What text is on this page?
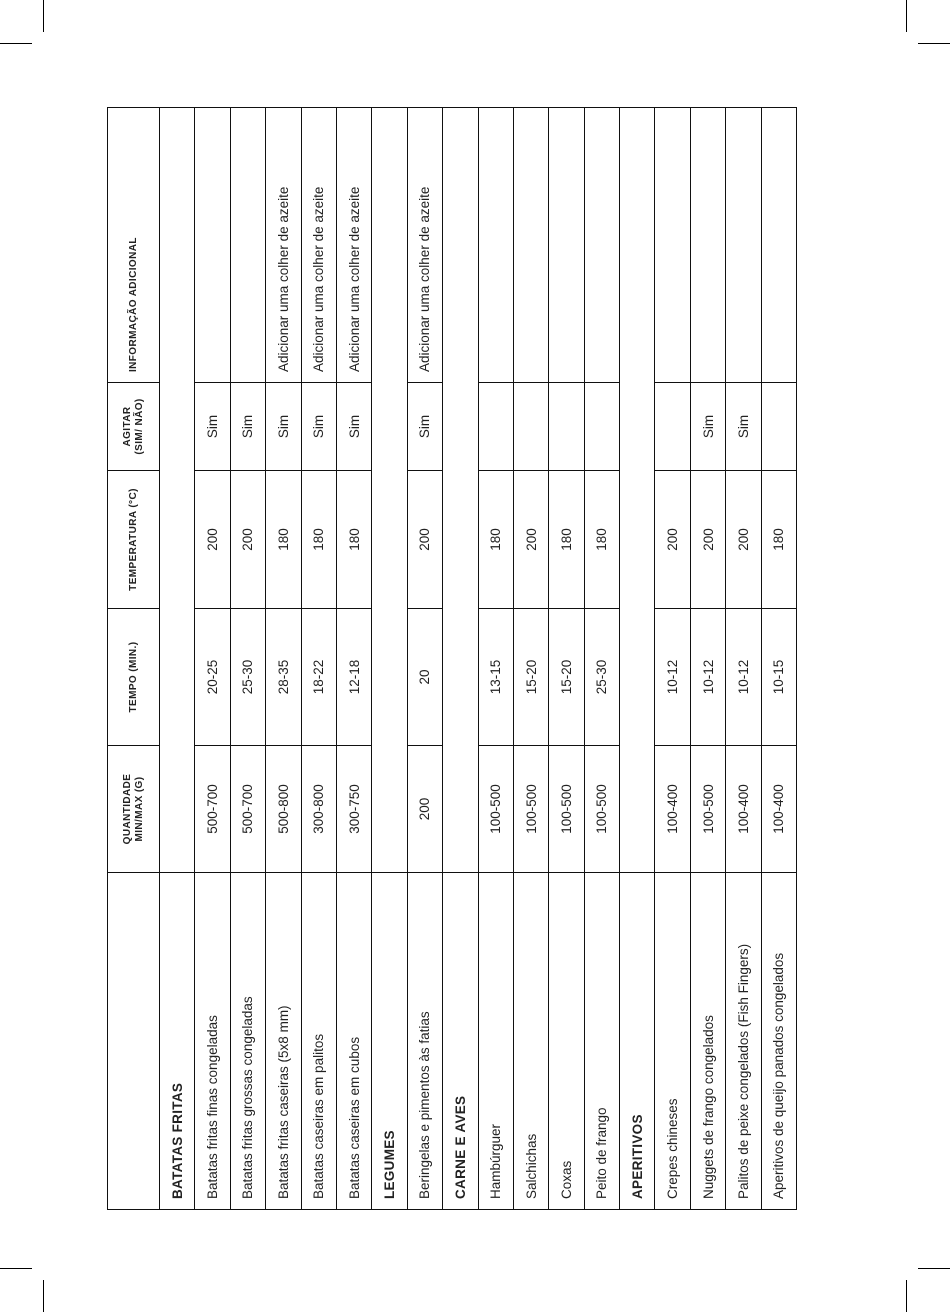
	QUANTIDADE MIN/MAX (G)	TEMPO (MIN.)	TEMPERATURA (°C)	AGITAR (SIM/ NÃO)	INFORMAÇÃO ADICIONAL
BATATAS FRITAS					
Batatas fritas finas congeladas	500-700	20-25	200	Sim	
Batatas fritas grossas congeladas	500-700	25-30	200	Sim	
Batatas fritas caseiras (5x8 mm)	500-800	28-35	180	Sim	Adicionar uma colher de azeite
Batatas caseiras em palitos	300-800	18-22	180	Sim	Adicionar uma colher de azeite
Batatas caseiras em cubos	300-750	12-18	180	Sim	Adicionar uma colher de azeite
LEGUMES					
Beringelas e pimentos às fatias	200	20	200	Sim	Adicionar uma colher de azeite
CARNE E AVES					
Hambúrguer	100-500	13-15	180		
Salchichas	100-500	15-20	200		
Coxas	100-500	15-20	180		
Peito de frango	100-500	25-30	180		
APERITIVOS					
Crepes chineses	100-400	10-12	200		
Nuggets de frango congelados	100-500	10-12	200	Sim	
Palitos de peixe congelados (Fish Fingers)	100-400	10-12	200	Sim	
Aperitivos de queijo panados congelados	100-400	10-15	180		
